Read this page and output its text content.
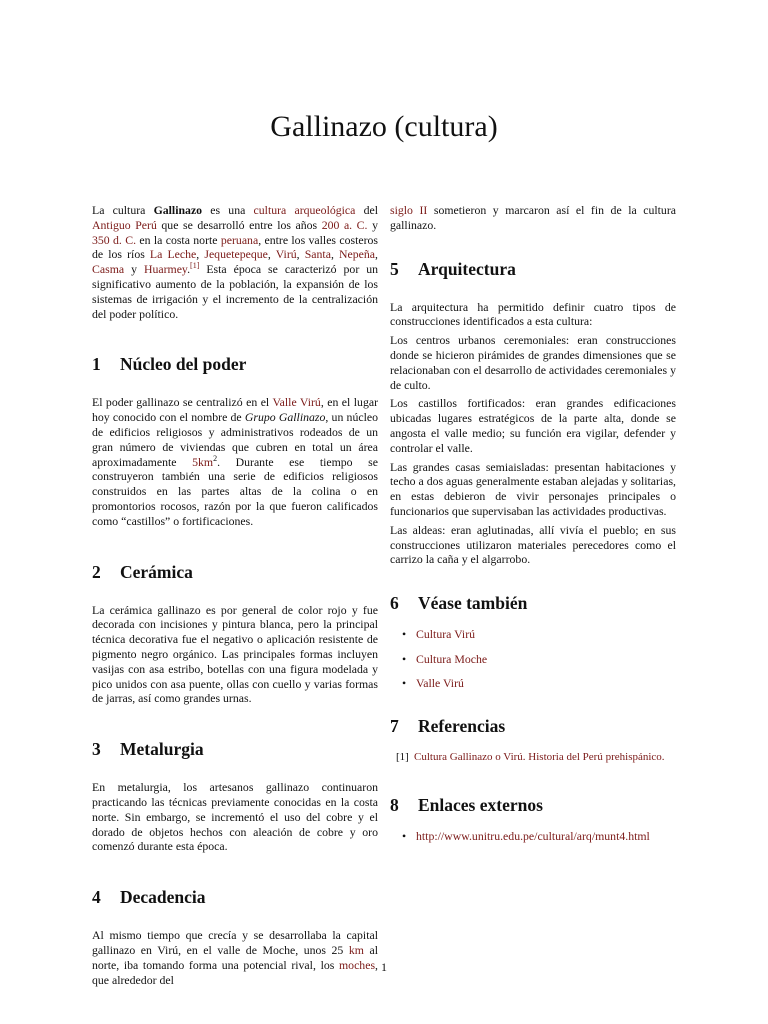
Gallinazo (cultura)

La cultura Gallinazo es una cultura arqueológica del Antiguo Perú que se desarrolló entre los años 200 a. C. y 350 d. C. en la costa norte peruana, entre los valles costeros de los ríos La Leche, Jequetepeque, Virú, Santa, Nepeña, Casma y Huarmey.[1] Esta época se caracterizó por un significativo aumento de la población, la expansión de los sistemas de irrigación y el incremento de la centralización del poder político.

1 Núcleo del poder

El poder gallinazo se centralizó en el Valle Virú, en el lugar hoy conocido con el nombre de Grupo Gallinazo, un núcleo de edificios religiosos y administrativos rodeados de un gran número de viviendas que cubren en total un área aproximadamente $5km^2$. Durante ese tiempo se construyeron también una serie de edificios religiosos construidos en las partes altas de la colina o en promontorios rocosos, razón por la que fueron calificados como “castillos” o fortificaciones.

2 Cerámica

La cerámica gallinazo es por general de color rojo y fue decorada con incisiones y pintura blanca, pero la principal técnica decorativa fue el negativo o aplicación resistente de pigmento negro orgánico. Las principales formas incluyen vasijas con asa estribo, botellas con una figura modelada y pico unidos con asa puente, ollas con cuello y varias formas de jarras, así como grandes urnas.

3 Metalurgia

En metalurgia, los artesanos gallinazo continuaron practicando las técnicas previamente conocidas en la costa norte. Sin embargo, se incrementó el uso del cobre y el dorado de objetos hechos con aleación de cobre y oro comenzó durante esta época.

4 Decadencia

Al mismo tiempo que crecía y se desarrollaba la capital gallinazo en Virú, en el valle de Moche, unos 25 km al norte, iba tomando forma una potencial rival, los moches, que alrededor del

siglo II sometieron y marcaron así el fin de la cultura gallinazo.

5 Arquitectura

La arquitectura ha permitido definir cuatro tipos de construcciones identificados a esta cultura:

Los centros urbanos ceremoniales: eran construcciones donde se hicieron pirámides de grandes dimensiones que se relacionaban con el desarrollo de actividades ceremoniales y de culto.

Los castillos fortificados: eran grandes edificaciones ubicadas lugares estratégicos de la parte alta, donde se angosta el valle medio; su función era vigilar, defender y controlar el valle.

Las grandes casas semiaisladas: presentan habitaciones y techo a dos aguas generalmente estaban alejadas y solitarias, en estas debieron de vivir personajes principales o funcionarios que supervisaban las actividades productivas.

Las aldeas: eran aglutinadas, allí vivía el pueblo; en sus construcciones utilizaron materiales perecedores como el carrizo la caña y el algarrobo.

6 Véase también
• Cultura Virú
• Cultura Moche
• Valle Virú
7 Referencias
[1] Cultura Gallinazo o Virú. Historia del Perú prehispánico.
8 Enlaces externos
• http://www.unitru.edu.pe/cultural/arq/munt4.html
1
